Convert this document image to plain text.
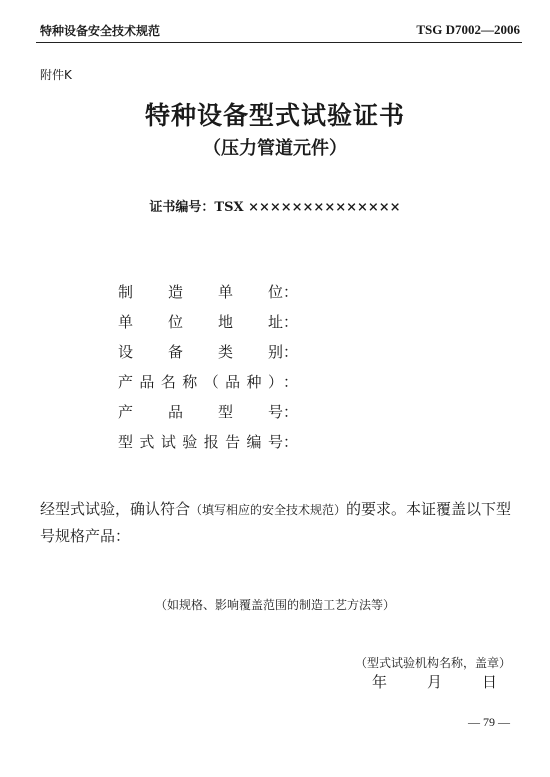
特种设备安全技术规范	TSG D7002—2006
附件K
特种设备型式试验证书
（压力管道元件）
证书编号：TSX ××××××××××××××
制 造 单 位 ：
单 位 地 址 ：
设 备 类 别 ：
产 品 名 称 （ 品 种 ） ：
产 品 型 号 ：
型 式 试 验 报 告 编 号 ：
经型式试验，确认符合（填写相应的安全技术规范）的要求。本证覆盖以下型号规格产品：
（如规格、影响覆盖范围的制造工艺方法等）
（型式试验机构名称，盖章）
年	月	日
— 79 —
